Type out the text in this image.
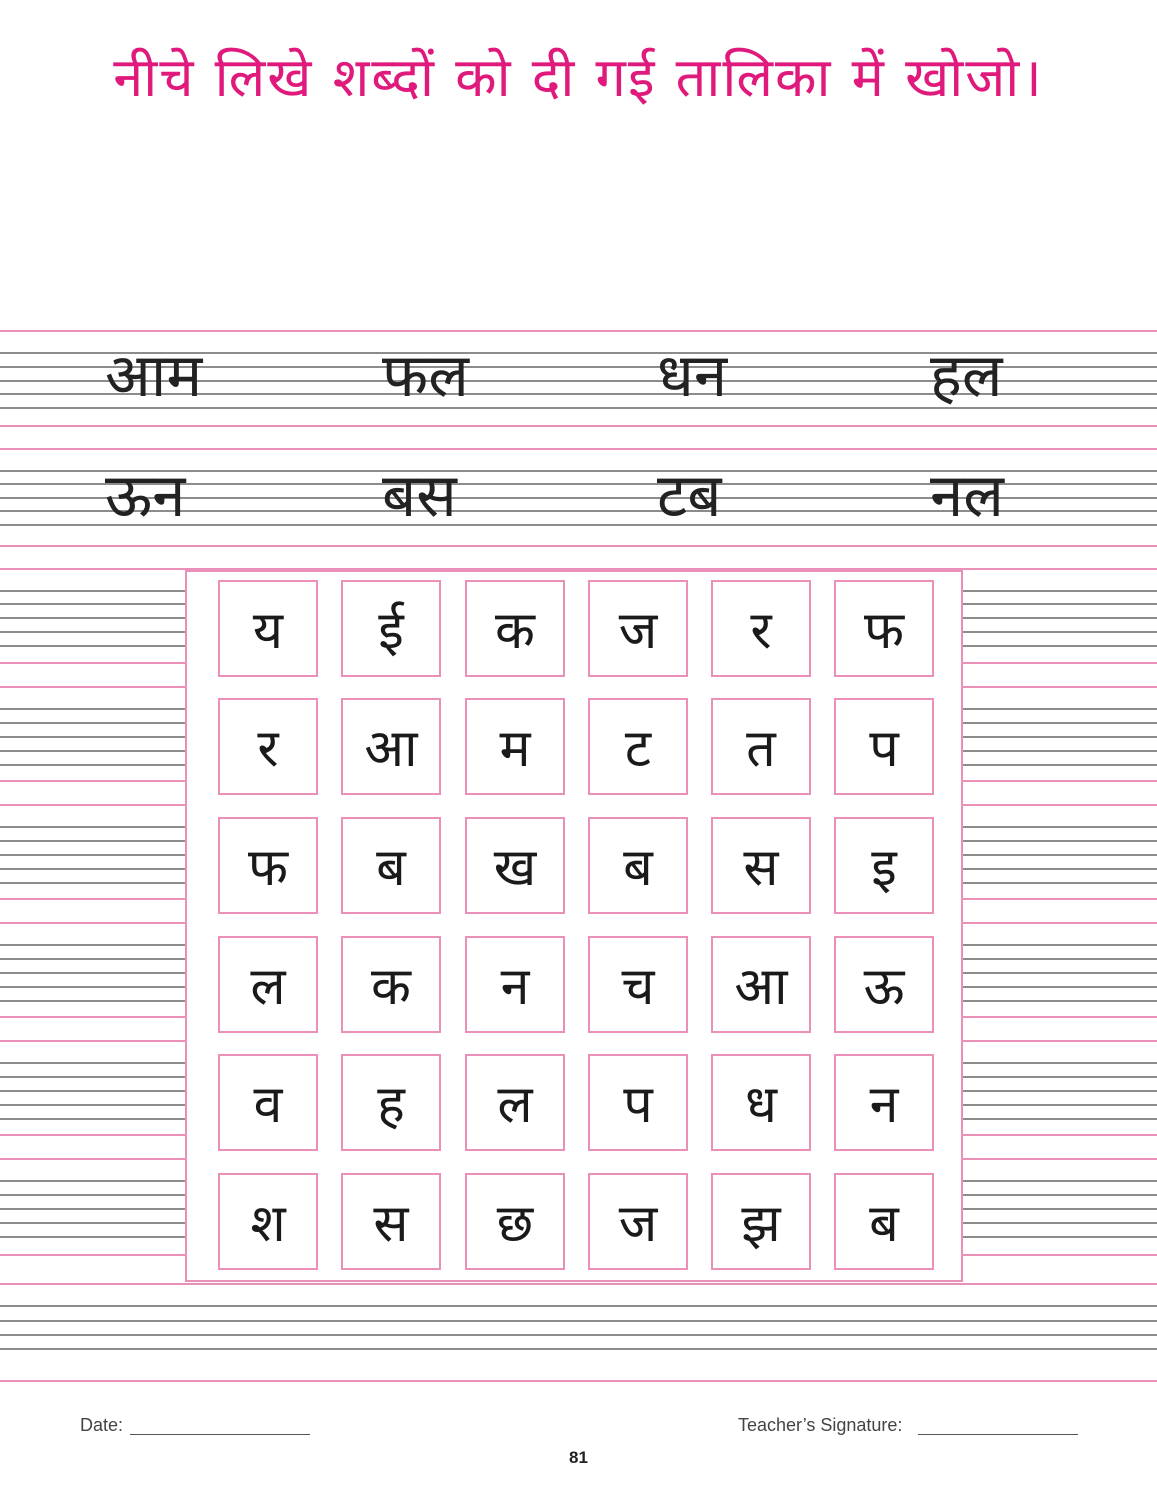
नीचे लिखे शब्दों को दी गई तालिका में खोजो।
आम	फल	धन	हल
ऊन	बस	टब	नल
य	ई	क	ज	र	फ
र	आ	म	ट	त	प
फ	ब	ख	ब	स	इ
ल	क	न	च	आ	ऊ
व	ह	ल	प	ध	न
श	स	छ	ज	झ	ब
Date:	Teacher’s Signature:
81
